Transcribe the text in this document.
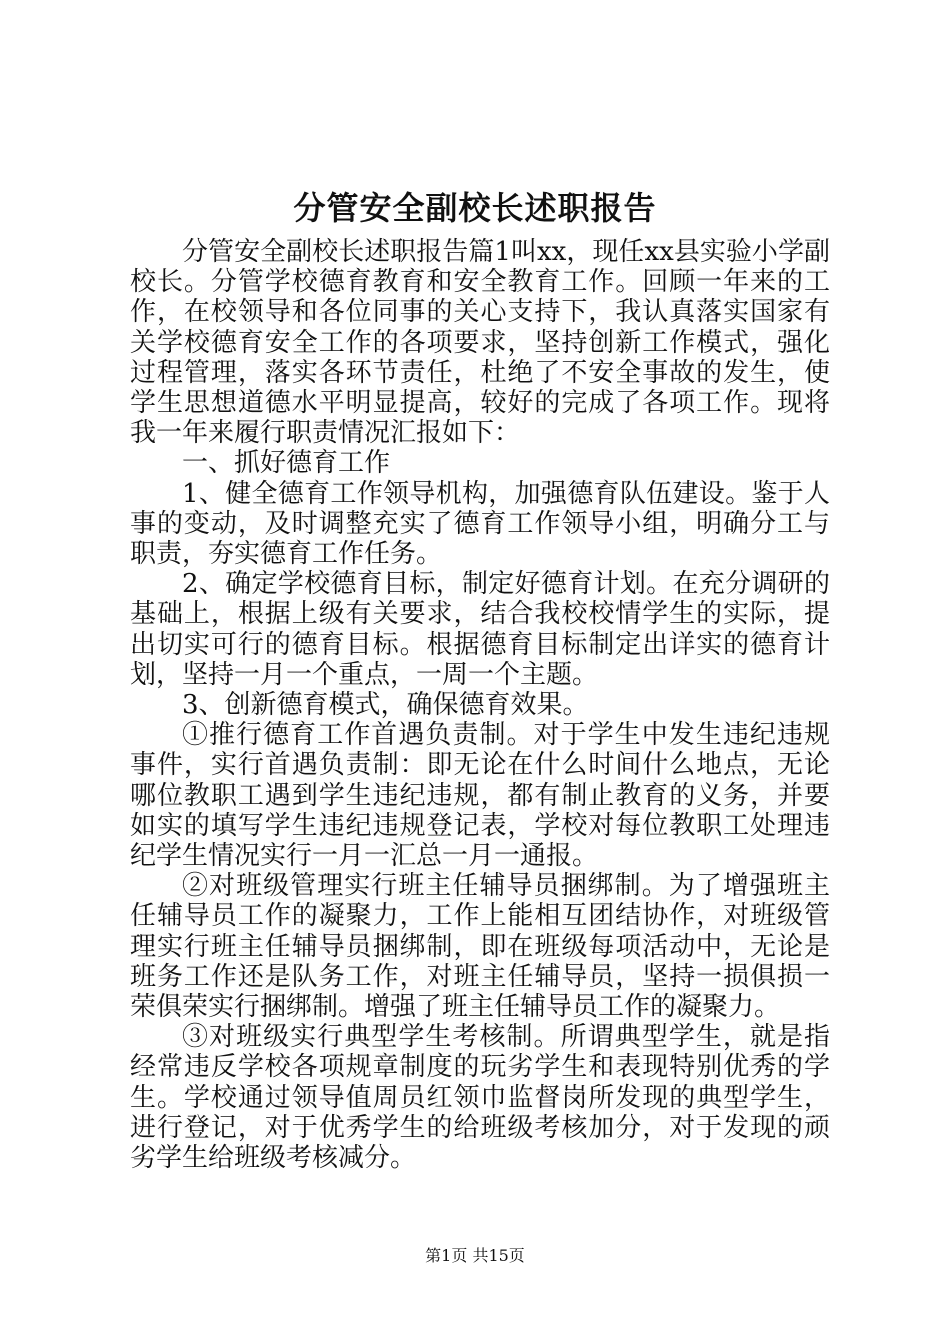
分管安全副校长述职报告

分管安全副校长述职报告篇1叫xx，现任xx县实验小学副校长。分管学校德育教育和安全教育工作。回顾一年来的工作，在校领导和各位同事的关心支持下，我认真落实国家有关学校德育安全工作的各项要求，坚持创新工作模式，强化过程管理，落实各环节责任，杜绝了不安全事故的发生，使学生思想道德水平明显提高，较好的完成了各项工作。现将我一年来履行职责情况汇报如下：

一、抓好德育工作

1、健全德育工作领导机构，加强德育队伍建设。鉴于人事的变动，及时调整充实了德育工作领导小组，明确分工与职责，夯实德育工作任务。

2、确定学校德育目标，制定好德育计划。在充分调研的基础上，根据上级有关要求，结合我校校情学生的实际，提出切实可行的德育目标。根据德育目标制定出详实的德育计划，坚持一月一个重点，一周一个主题。

3、创新德育模式，确保德育效果。

①推行德育工作首遇负责制。对于学生中发生违纪违规事件，实行首遇负责制：即无论在什么时间什么地点，无论哪位教职工遇到学生违纪违规，都有制止教育的义务，并要如实的填写学生违纪违规登记表，学校对每位教职工处理违纪学生情况实行一月一汇总一月一通报。

②对班级管理实行班主任辅导员捆绑制。为了增强班主任辅导员工作的凝聚力，工作上能相互团结协作，对班级管理实行班主任辅导员捆绑制，即在班级每项活动中，无论是班务工作还是队务工作，对班主任辅导员，坚持一损俱损一荣俱荣实行捆绑制。增强了班主任辅导员工作的凝聚力。

③对班级实行典型学生考核制。所谓典型学生，就是指经常违反学校各项规章制度的玩劣学生和表现特别优秀的学生。学校通过领导值周员红领巾监督岗所发现的典型学生，进行登记，对于优秀学生的给班级考核加分，对于发现的顽劣学生给班级考核减分。

第1页 共15页
